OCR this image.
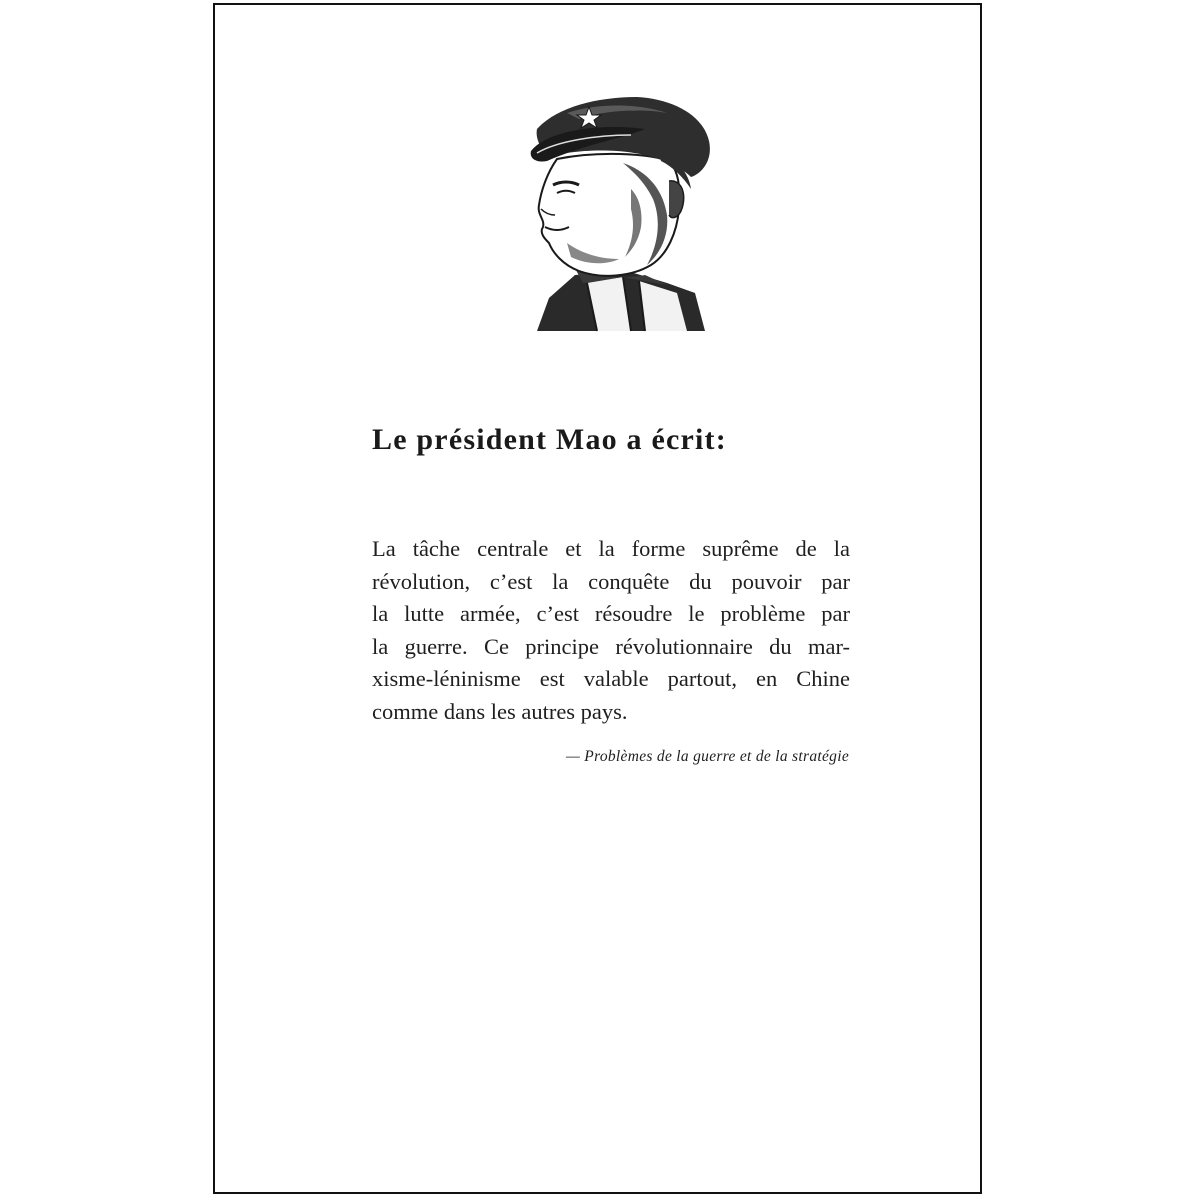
Le président Mao a écrit:
La tâche centrale et la forme suprême de la
révolution, c’est la conquête du pouvoir par
la lutte armée, c’est résoudre le problème par
la guerre. Ce principe révolutionnaire du mar-
xisme-léninisme est valable partout, en Chine
comme dans les autres pays.

— Problèmes de la guerre et de la stratégie
